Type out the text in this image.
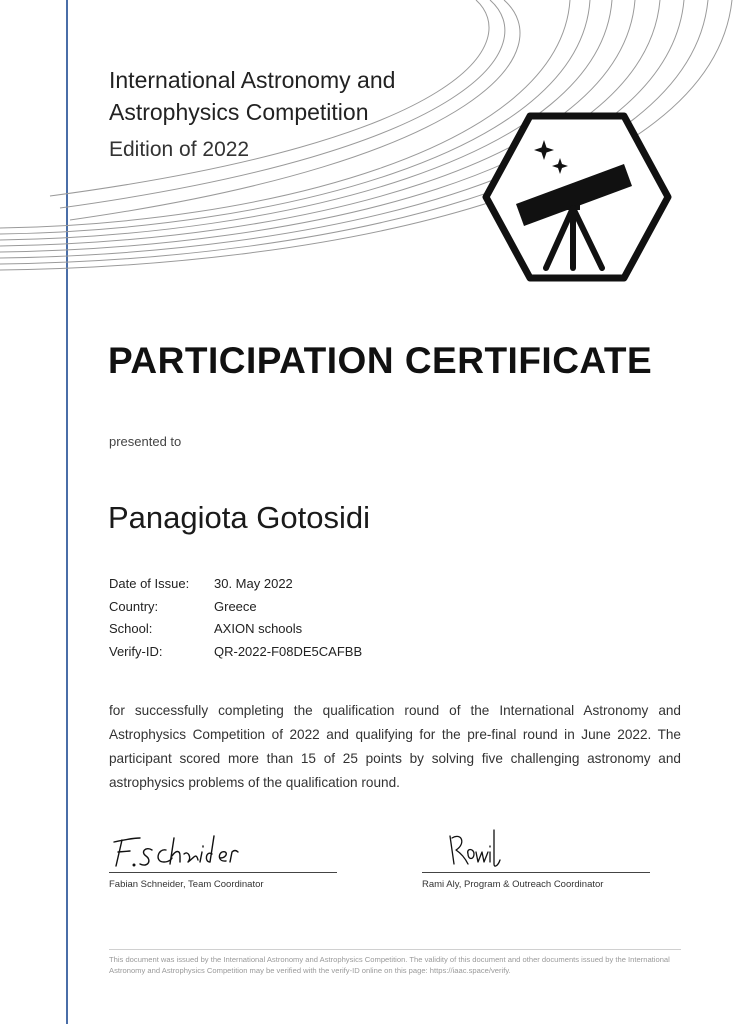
International Astronomy and
Astrophysics Competition
Edition of 2022
PARTICIPATION CERTIFICATE
presented to
Panagiota Gotosidi
Date of Issue:	30. May 2022
Country:	Greece
School:	AXION schools
Verify-ID:	QR-2022-F08DE5CAFBB
for successfully completing the qualification round of the International Astronomy and Astrophysics Competition of 2022 and qualifying for the pre-final round in June 2022. The participant scored more than 15 of 25 points by solving five challenging astronomy and astrophysics problems of the qualification round.
Fabian Schneider, Team Coordinator	Rami Aly, Program & Outreach Coordinator
This document was issued by the International Astronomy and Astrophysics Competition. The validity of this document and other documents issued by the International Astronomy and Astrophysics Competition may be verified with the verify-ID online on this page: https://iaac.space/verify.
